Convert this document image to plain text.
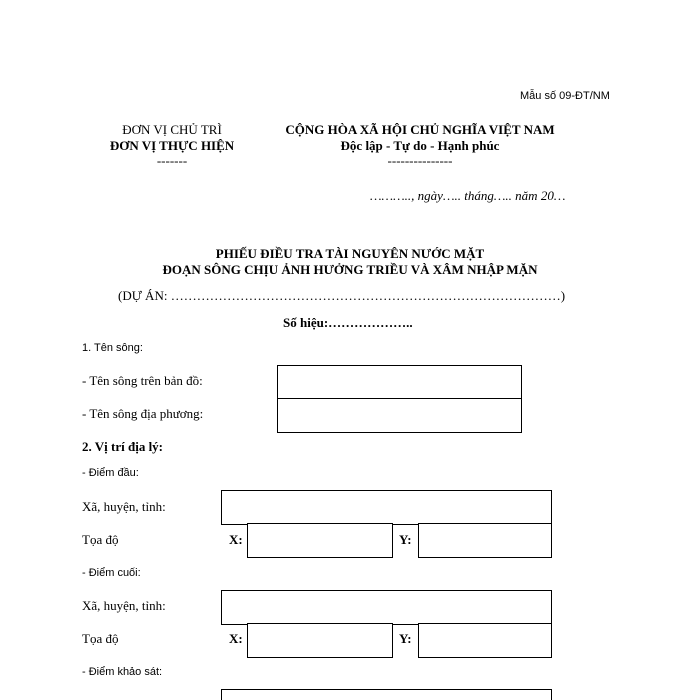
Mẫu số 09-ĐT/NM
ĐƠN VỊ CHỦ TRÌ
ĐƠN VỊ THỰC HIỆN
-------
CỘNG HÒA XÃ HỘI CHỦ NGHĨA VIỆT NAM
Độc lập - Tự do - Hạnh phúc
---------------
……….., ngày….. tháng….. năm 20…
PHIẾU ĐIỀU TRA TÀI NGUYÊN NƯỚC MẶT
ĐOẠN SÔNG CHỊU ẢNH HƯỞNG TRIỀU VÀ XÂM NHẬP MẶN
(DỰ ÁN: ………………………………………………………………………………)
Số hiệu:………………..
1. Tên sông:
- Tên sông trên bản đồ:
- Tên sông địa phương:
2. Vị trí địa lý:
- Điểm đầu:
Xã, huyện, tỉnh:
Tọa độ	X:	Y:
- Điểm cuối:
Xã, huyện, tỉnh:
Tọa độ	X:	Y:
- Điểm khảo sát:
